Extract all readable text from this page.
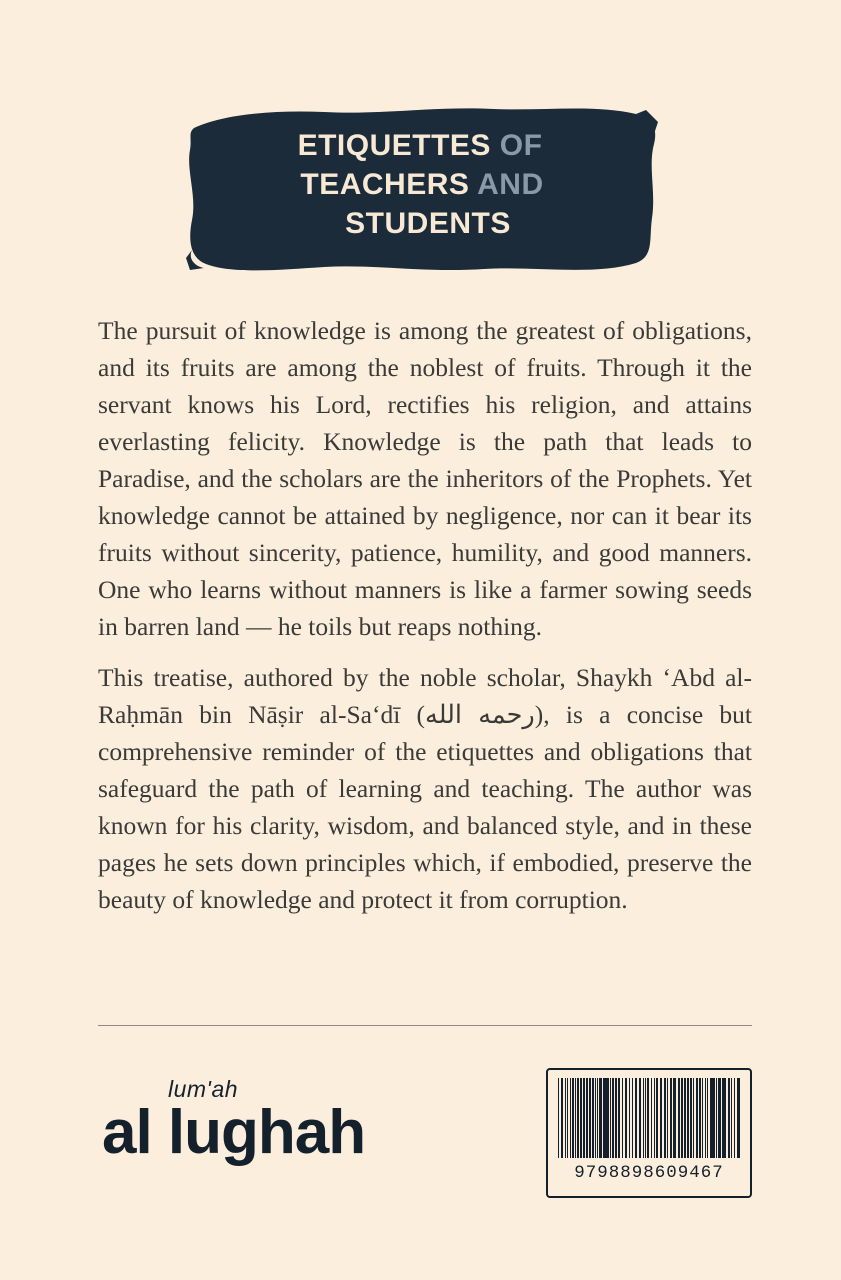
ETIQUETTES OF
TEACHERS AND
STUDENTS

The pursuit of knowledge is among the greatest of obligations, and its fruits are among the noblest of fruits. Through it the servant knows his Lord, rectifies his religion, and attains everlasting felicity. Knowledge is the path that leads to Paradise, and the scholars are the inheritors of the Prophets. Yet knowledge cannot be attained by negligence, nor can it bear its fruits without sincerity, patience, humility, and good manners. One who learns without manners is like a farmer sowing seeds in barren land — he toils but reaps nothing.

This treatise, authored by the noble scholar, Shaykh ʻAbd al-Raḥmān bin Nāṣir al-Saʻdī (رحمه الله), is a concise but comprehensive reminder of the etiquettes and obligations that safeguard the path of learning and teaching. The author was known for his clarity, wisdom, and balanced style, and in these pages he sets down principles which, if embodied, preserve the beauty of knowledge and protect it from corruption.

lum'ah
al lughah
9798898609467
